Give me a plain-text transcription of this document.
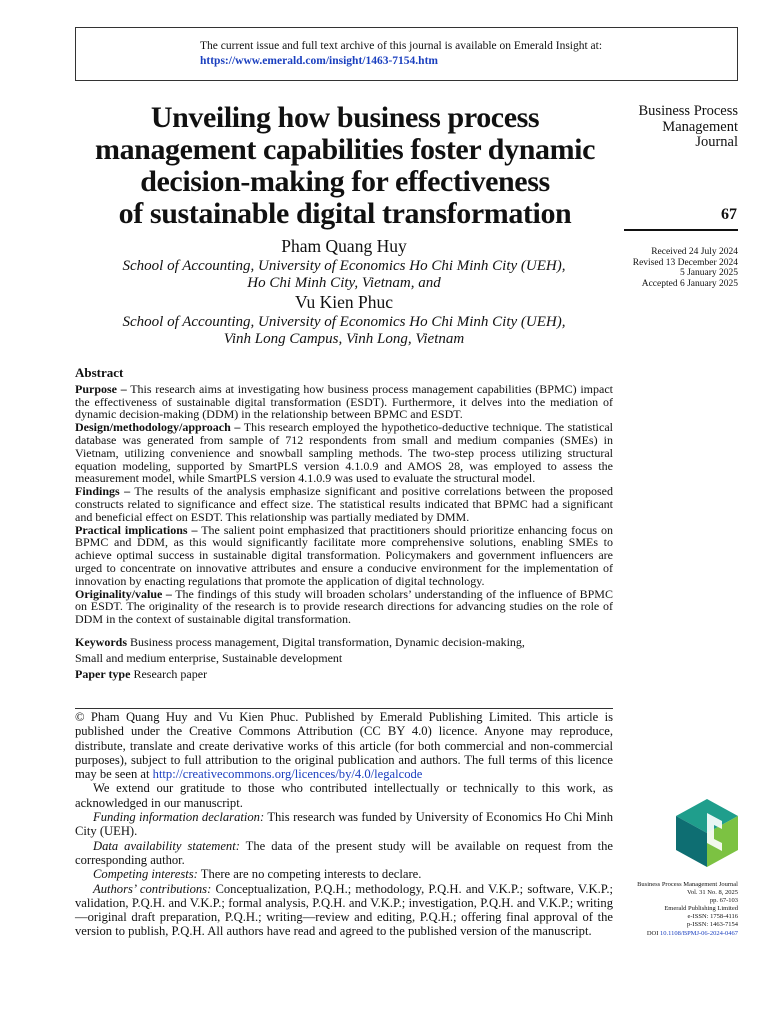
The current issue and full text archive of this journal is available on Emerald Insight at:
https://www.emerald.com/insight/1463-7154.htm
Unveiling how business process
management capabilities foster dynamic
decision-making for effectiveness
of sustainable digital transformation
Business Process
Management
Journal
67
Received 24 July 2024
Revised 13 December 2024
5 January 2025
Accepted 6 January 2025
Pham Quang Huy
School of Accounting, University of Economics Ho Chi Minh City (UEH),
Ho Chi Minh City, Vietnam, and
Vu Kien Phuc
School of Accounting, University of Economics Ho Chi Minh City (UEH),
Vinh Long Campus, Vinh Long, Vietnam
Abstract

Purpose – This research aims at investigating how business process management capabilities (BPMC) impact the effectiveness of sustainable digital transformation (ESDT). Furthermore, it delves into the mediation of dynamic decision-making (DDM) in the relationship between BPMC and ESDT.

Design/methodology/approach – This research employed the hypothetico-deductive technique. The statistical database was generated from sample of 712 respondents from small and medium companies (SMEs) in Vietnam, utilizing convenience and snowball sampling methods. The two-step process utilizing structural equation modeling, supported by SmartPLS version 4.1.0.9 and AMOS 28, was employed to assess the measurement model, while SmartPLS version 4.1.0.9 was used to evaluate the structural model.

Findings – The results of the analysis emphasize significant and positive correlations between the proposed constructs related to significance and effect size. The statistical results indicated that BPMC had a significant and beneficial effect on ESDT. This relationship was partially mediated by DMM.

Practical implications – The salient point emphasized that practitioners should prioritize enhancing focus on BPMC and DDM, as this would significantly facilitate more comprehensive solutions, enabling SMEs to achieve optimal success in sustainable digital transformation. Policymakers and government influencers are urged to concentrate on innovative attributes and ensure a conducive environment for the implementation of innovation by enacting regulations that promote the application of digital technology.

Originality/value – The findings of this study will broaden scholars’ understanding of the influence of BPMC on ESDT. The originality of the research is to provide research directions for advancing studies on the role of DDM in the context of sustainable digital transformation.

Keywords Business process management, Digital transformation, Dynamic decision-making,
Small and medium enterprise, Sustainable development
Paper type Research paper

© Pham Quang Huy and Vu Kien Phuc. Published by Emerald Publishing Limited. This article is published under the Creative Commons Attribution (CC BY 4.0) licence. Anyone may reproduce, distribute, translate and create derivative works of this article (for both commercial and non-commercial purposes), subject to full attribution to the original publication and authors. The full terms of this licence may be seen at http://creativecommons.org/licences/by/4.0/legalcode

We extend our gratitude to those who contributed intellectually or technically to this work, as acknowledged in our manuscript.

Funding information declaration: This research was funded by University of Economics Ho Chi Minh City (UEH).

Data availability statement: The data of the present study will be available on request from the corresponding author.

Competing interests: There are no competing interests to declare.

Authors’ contributions: Conceptualization, P.Q.H.; methodology, P.Q.H. and V.K.P.; software, V.K.P.; validation, P.Q.H. and V.K.P.; formal analysis, P.Q.H. and V.K.P.; investigation, P.Q.H. and V.K.P.; writing—original draft preparation, P.Q.H.; writing—review and editing, P.Q.H.; offering final approval of the version to publish, P.Q.H. All authors have read and agreed to the published version of the manuscript.

Business Process Management Journal
Vol. 31 No. 8, 2025
pp. 67-103
Emerald Publishing Limited
e-ISSN: 1758-4116
p-ISSN: 1463-7154
DOI 10.1108/BPMJ-06-2024-0467
